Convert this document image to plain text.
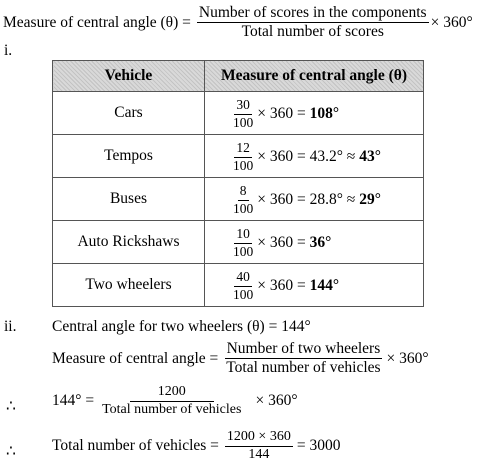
Measure of central angle $(\theta) = \frac{\text{Number of scores in the components}}{\text{Total number of scores}} \times 360^\circ$
i.
Vehicle	Measure of central angle (θ)
Cars	$\frac{30}{100} \times 360$ =
108°

Tempos	$\frac{12}{100} \times 360 = 43.2^\circ$ ≈
43°

Buses	$\frac{8}{100} \times 360 = 28.8^\circ$ ≈
29°

Auto Rickshaws	$\frac{10}{100} \times 360$ =
36°

Two wheelers	$\frac{40}{100} \times 360$ =
144°
ii. Central angle for two wheelers (θ) = 144°
Measure of central angle = $\frac{\text{Number of two wheelers}}{\text{Total number of vehicles}} \times 360^\circ$
∴ $144^\circ = \frac{1200}{\text{Total number of vehicles}} \times 360^\circ$
∴ Total number of vehicles = $\frac{1200 \times 360}{144} = 3000$
